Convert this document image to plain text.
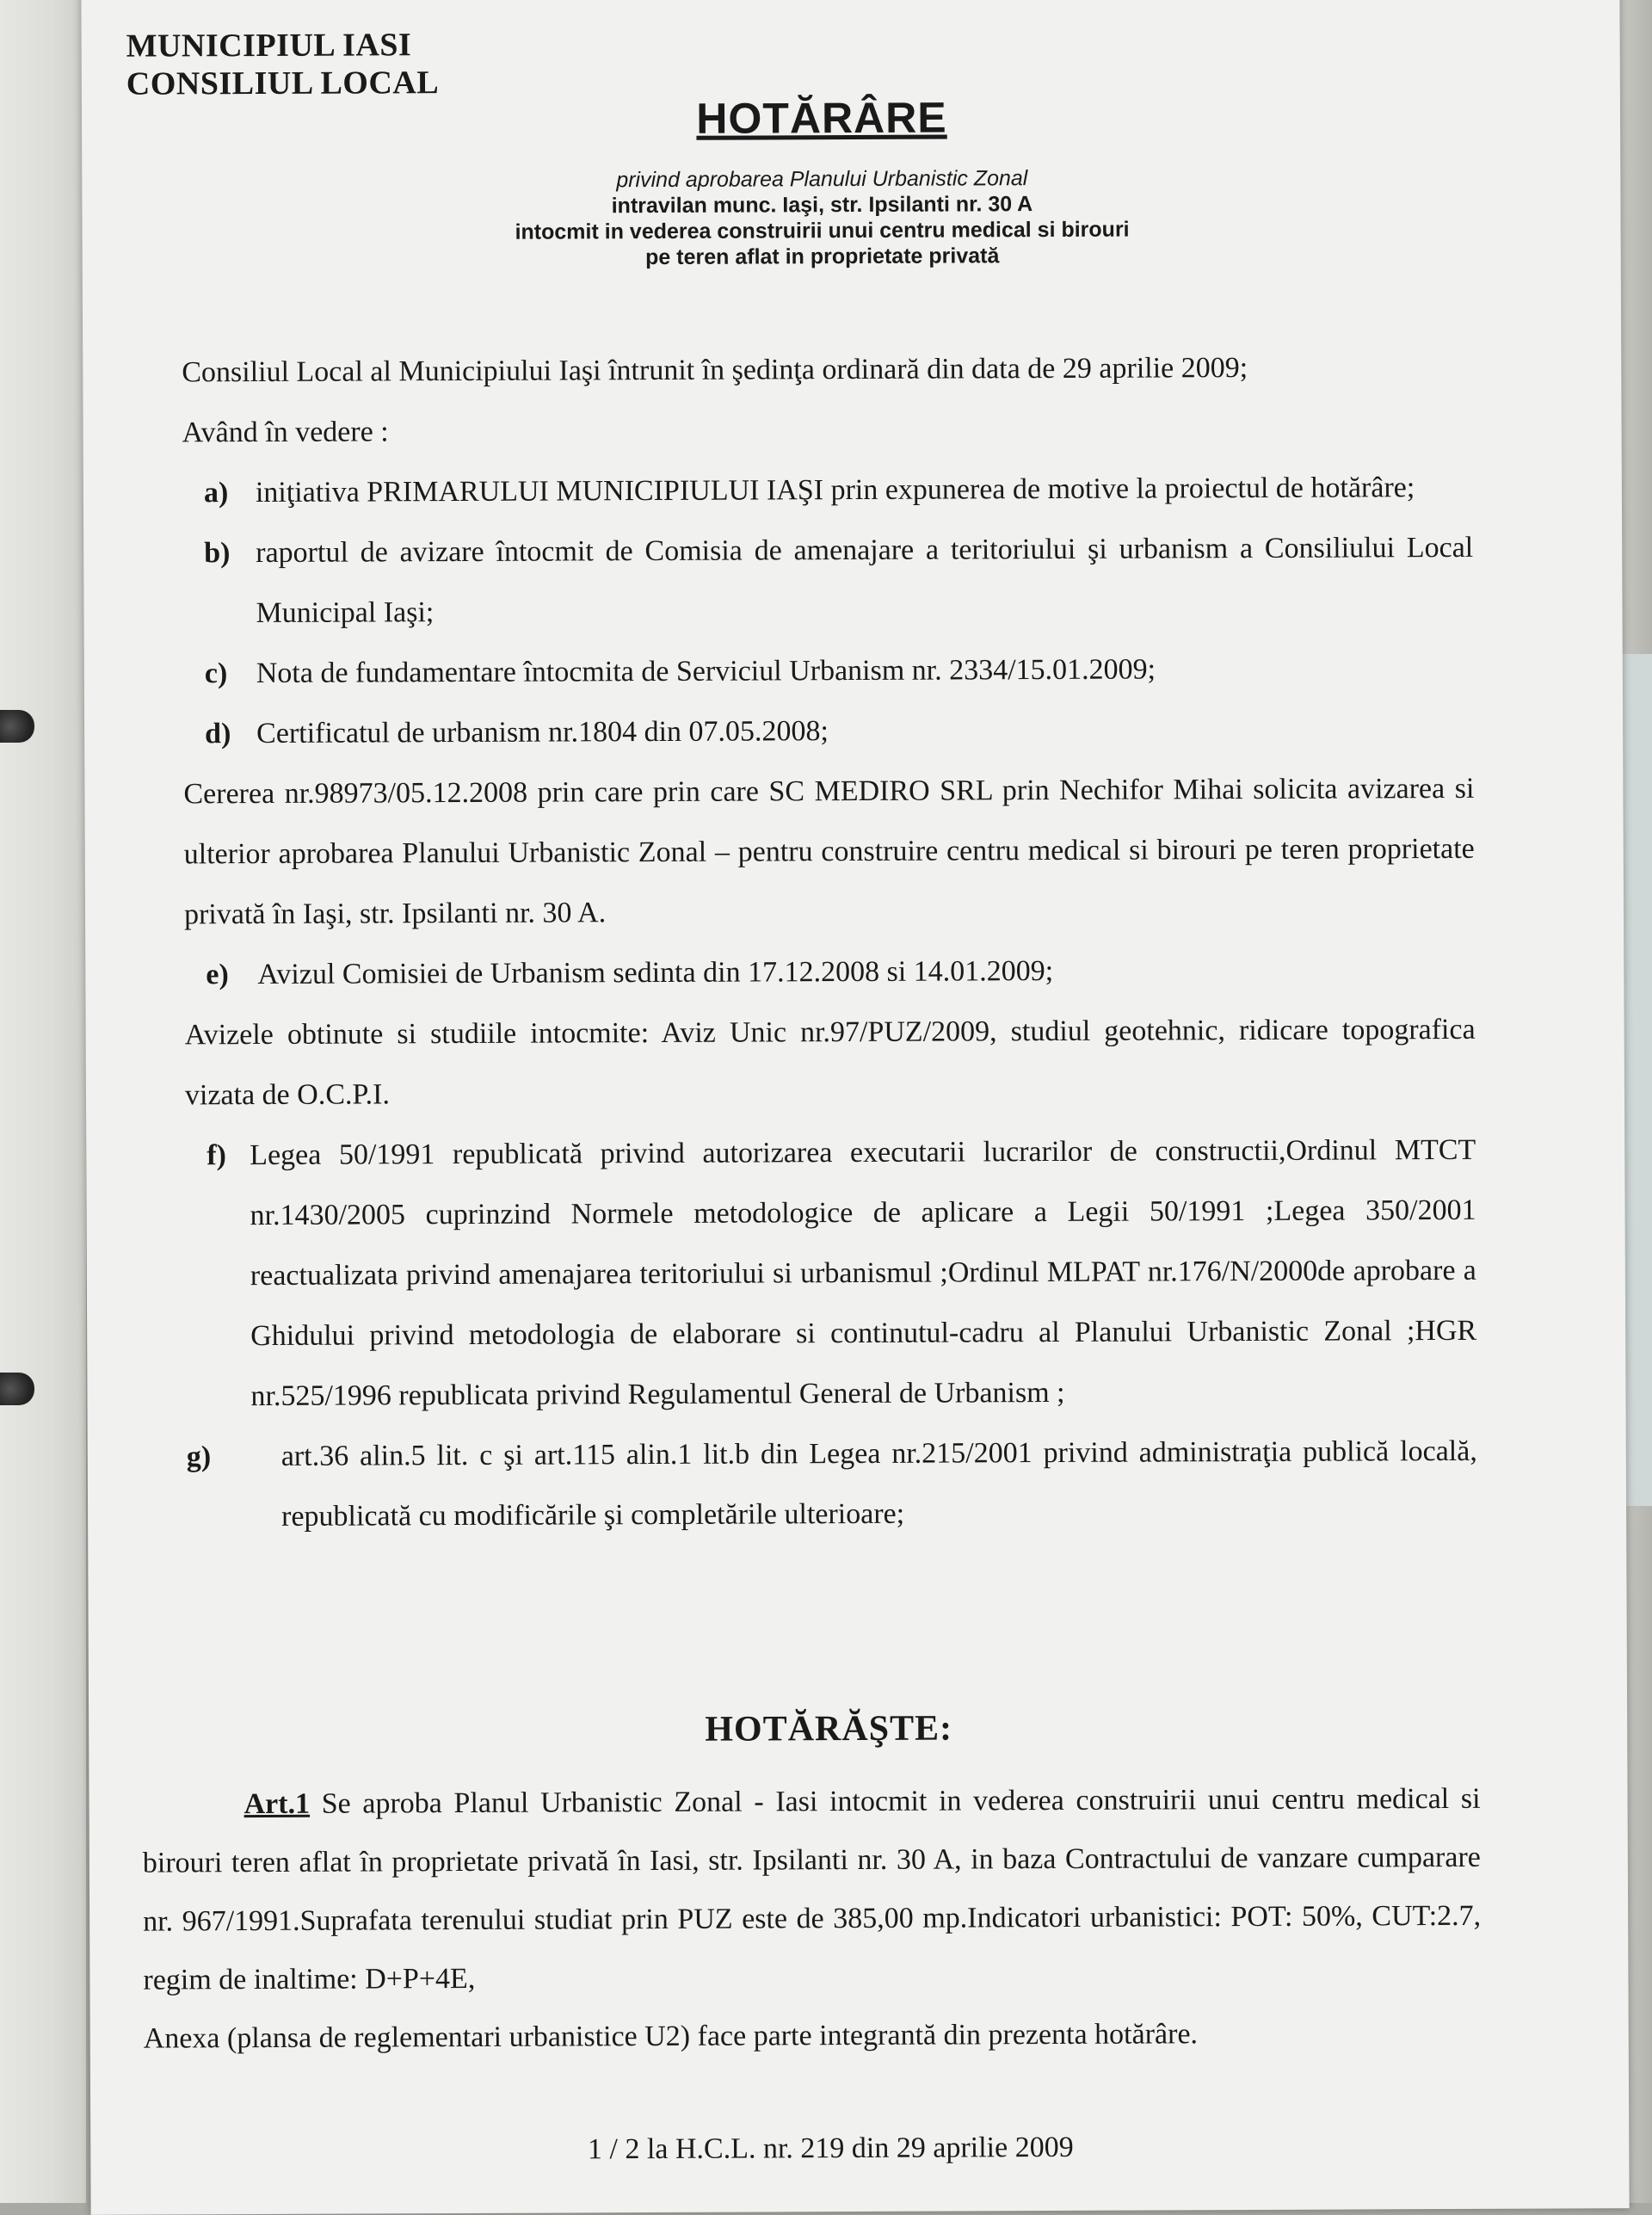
MUNICIPIUL IASI
CONSILIUL LOCAL
HOTĂRÂRE
privind aprobarea Planului Urbanistic Zonal
intravilan munc. Iaşi, str. Ipsilanti nr. 30 A
intocmit in vederea construirii unui centru medical si birouri
pe teren aflat in proprietate privată

Consiliul Local al Municipiului Iaşi întrunit în şedinţa ordinară din data de 29 aprilie 2009;

Având în vedere :

a) iniţiativa PRIMARULUI MUNICIPIULUI IAŞI prin expunerea de motive la proiectul de hotărâre;
b) raportul de avizare întocmit de Comisia de amenajare a teritoriului şi urbanism a Consiliului Local Municipal Iaşi;
c) Nota de fundamentare întocmita de Serviciul Urbanism nr. 2334/15.01.2009;
d) Certificatul de urbanism nr.1804 din 07.05.2008;

Cererea nr.98973/05.12.2008 prin care prin care SC MEDIRO SRL prin Nechifor Mihai solicita avizarea si ulterior aprobarea Planului Urbanistic Zonal – pentru construire centru medical si birouri pe teren proprietate privată în Iaşi, str. Ipsilanti nr. 30 A.

e) Avizul Comisiei de Urbanism sedinta din 17.12.2008 si 14.01.2009;

Avizele obtinute si studiile intocmite: Aviz Unic nr.97/PUZ/2009, studiul geotehnic, ridicare topografica vizata de O.C.P.I.

f) Legea 50/1991 republicată privind autorizarea executarii lucrarilor de constructii,Ordinul MTCT nr.1430/2005 cuprinzind Normele metodologice de aplicare a Legii 50/1991 ;Legea 350/2001 reactualizata privind amenajarea teritoriului si urbanismul ;Ordinul MLPAT nr.176/N/2000de aprobare a Ghidului privind metodologia de elaborare si continutul-cadru al Planului Urbanistic Zonal ;HGR nr.525/1996 republicata privind Regulamentul General de Urbanism ;
g)	art.36 alin.5 lit. c şi art.115 alin.1 lit.b din Legea nr.215/2001 privind administraţia publică locală, republicată cu modificările şi completările ulterioare;
HOTĂRĂŞTE:

Art.1 Se aproba Planul Urbanistic Zonal - Iasi intocmit in vederea construirii unui centru medical si birouri teren aflat în proprietate privată în Iasi, str. Ipsilanti nr. 30 A, in baza Contractului de vanzare cumparare nr. 967/1991.Suprafata terenului studiat prin PUZ este de 385,00 mp.Indicatori urbanistici: POT: 50%, CUT:2.7, regim de inaltime: D+P+4E,

Anexa (plansa de reglementari urbanistice U2) face parte integrantă din prezenta hotărâre.

1 / 2 la H.C.L. nr. 219 din 29 aprilie 2009
